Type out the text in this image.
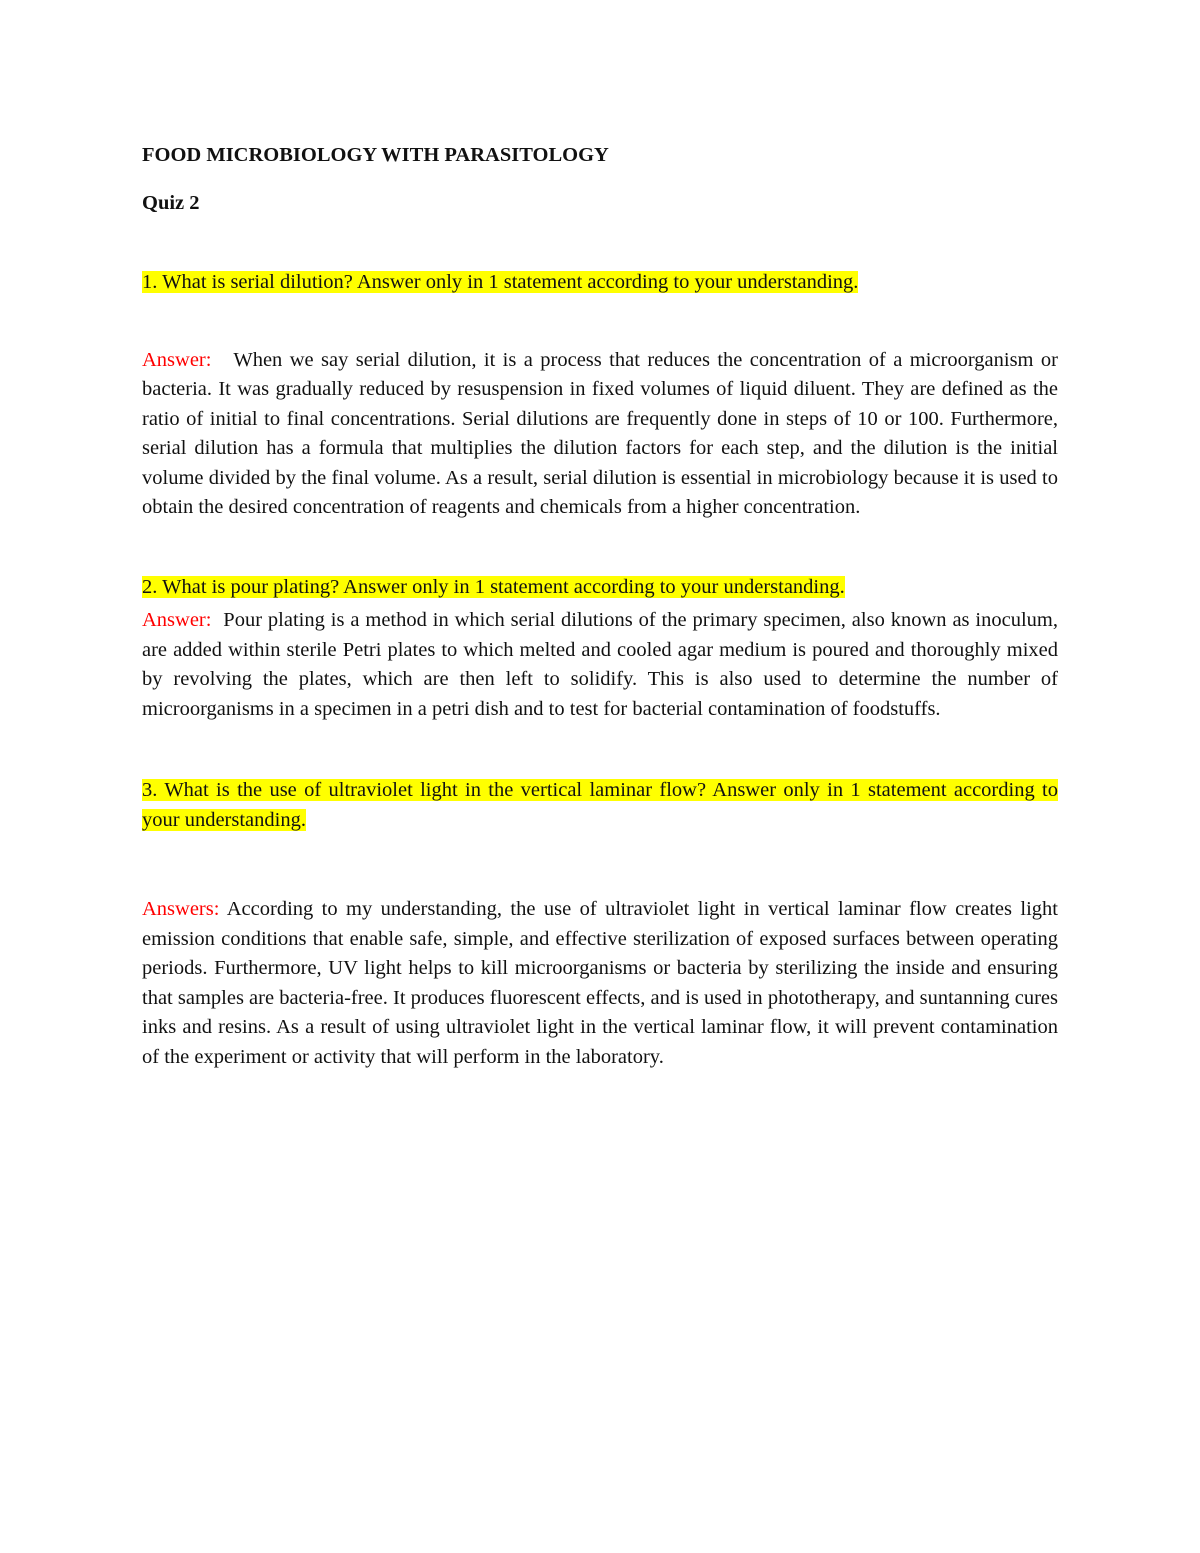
FOOD MICROBIOLOGY WITH PARASITOLOGY

Quiz 2

1. What is serial dilution? Answer only in 1 statement according to your understanding.

Answer: When we say serial dilution, it is a process that reduces the concentration of a microorganism or bacteria. It was gradually reduced by resuspension in fixed volumes of liquid diluent. They are defined as the ratio of initial to final concentrations. Serial dilutions are frequently done in steps of 10 or 100. Furthermore, serial dilution has a formula that multiplies the dilution factors for each step, and the dilution is the initial volume divided by the final volume. As a result, serial dilution is essential in microbiology because it is used to obtain the desired concentration of reagents and chemicals from a higher concentration.

2. What is pour plating? Answer only in 1 statement according to your understanding.

Answer: Pour plating is a method in which serial dilutions of the primary specimen, also known as inoculum, are added within sterile Petri plates to which melted and cooled agar medium is poured and thoroughly mixed by revolving the plates, which are then left to solidify. This is also used to determine the number of microorganisms in a specimen in a petri dish and to test for bacterial contamination of foodstuffs.

3. What is the use of ultraviolet light in the vertical laminar flow? Answer only in 1 statement according to your understanding.

Answers: According to my understanding, the use of ultraviolet light in vertical laminar flow creates light emission conditions that enable safe, simple, and effective sterilization of exposed surfaces between operating periods. Furthermore, UV light helps to kill microorganisms or bacteria by sterilizing the inside and ensuring that samples are bacteria-free. It produces fluorescent effects, and is used in phototherapy, and suntanning cures inks and resins. As a result of using ultraviolet light in the vertical laminar flow, it will prevent contamination of the experiment or activity that will perform in the laboratory.
